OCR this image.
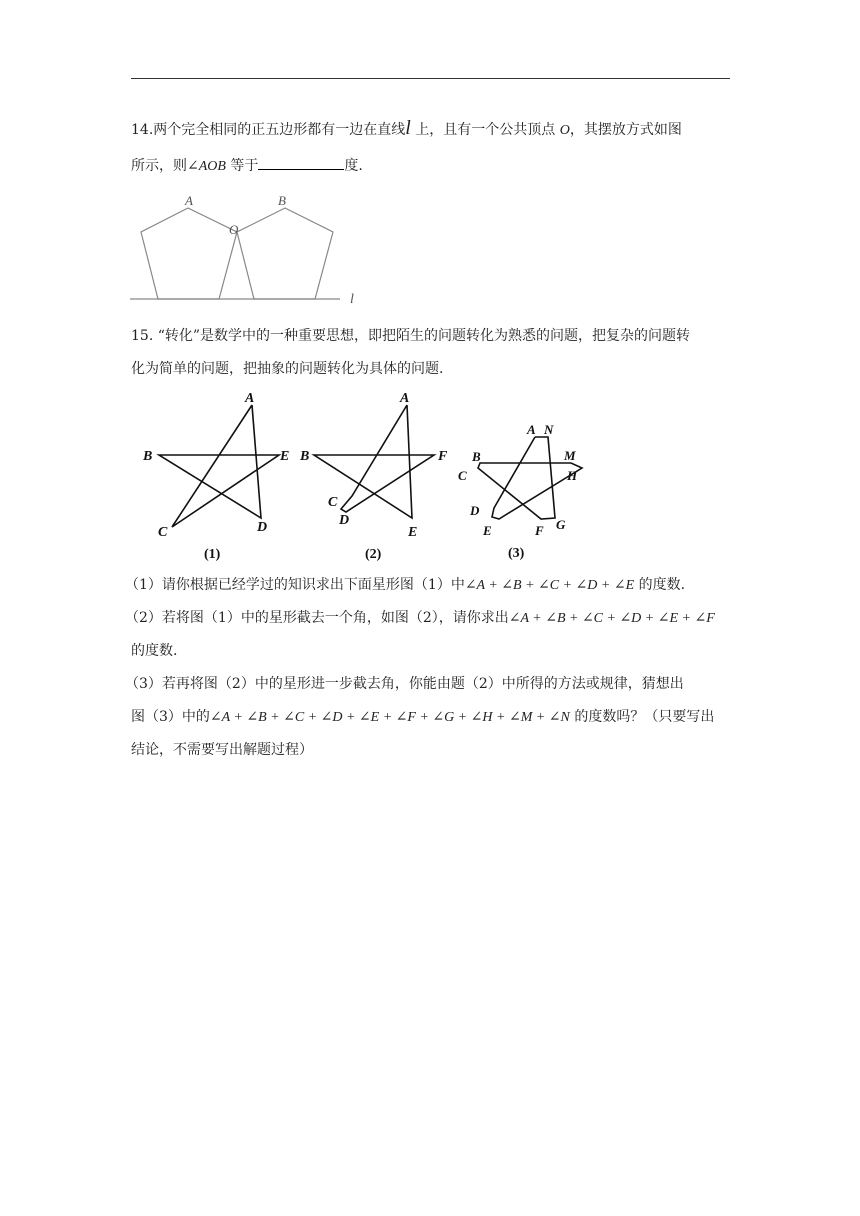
14.两个完全相同的正五边形都有一边在直线l 上，且有一个公共顶点 O，其摆放方式如图
所示，则∠AOB 等于	度.
A	B
O
l
15. “转化”是数学中的一种重要思想，即把陌生的问题转化为熟悉的问题，把复杂的问题转
化为简单的问题，把抽象的问题转化为具体的问题.
A
B
C	D
E
(1)
A
B
C
D
E
F
(2)
A N
B	M
C	H
D
E	F G
(3)
（1）请你根据已经学过的知识求出下面星形图（1）中∠A + ∠B + ∠C + ∠D + ∠E 的度数.
（2）若将图（1）中的星形截去一个角，如图（2），请你求出∠A + ∠B + ∠C + ∠D + ∠E + ∠F
的度数.
（3）若再将图（2）中的星形进一步截去角，你能由题（2）中所得的方法或规律，猜想出
图（3）中的∠A + ∠B + ∠C + ∠D + ∠E + ∠F + ∠G + ∠H + ∠M + ∠N 的度数吗？（只要写出
结论，不需要写出解题过程）
